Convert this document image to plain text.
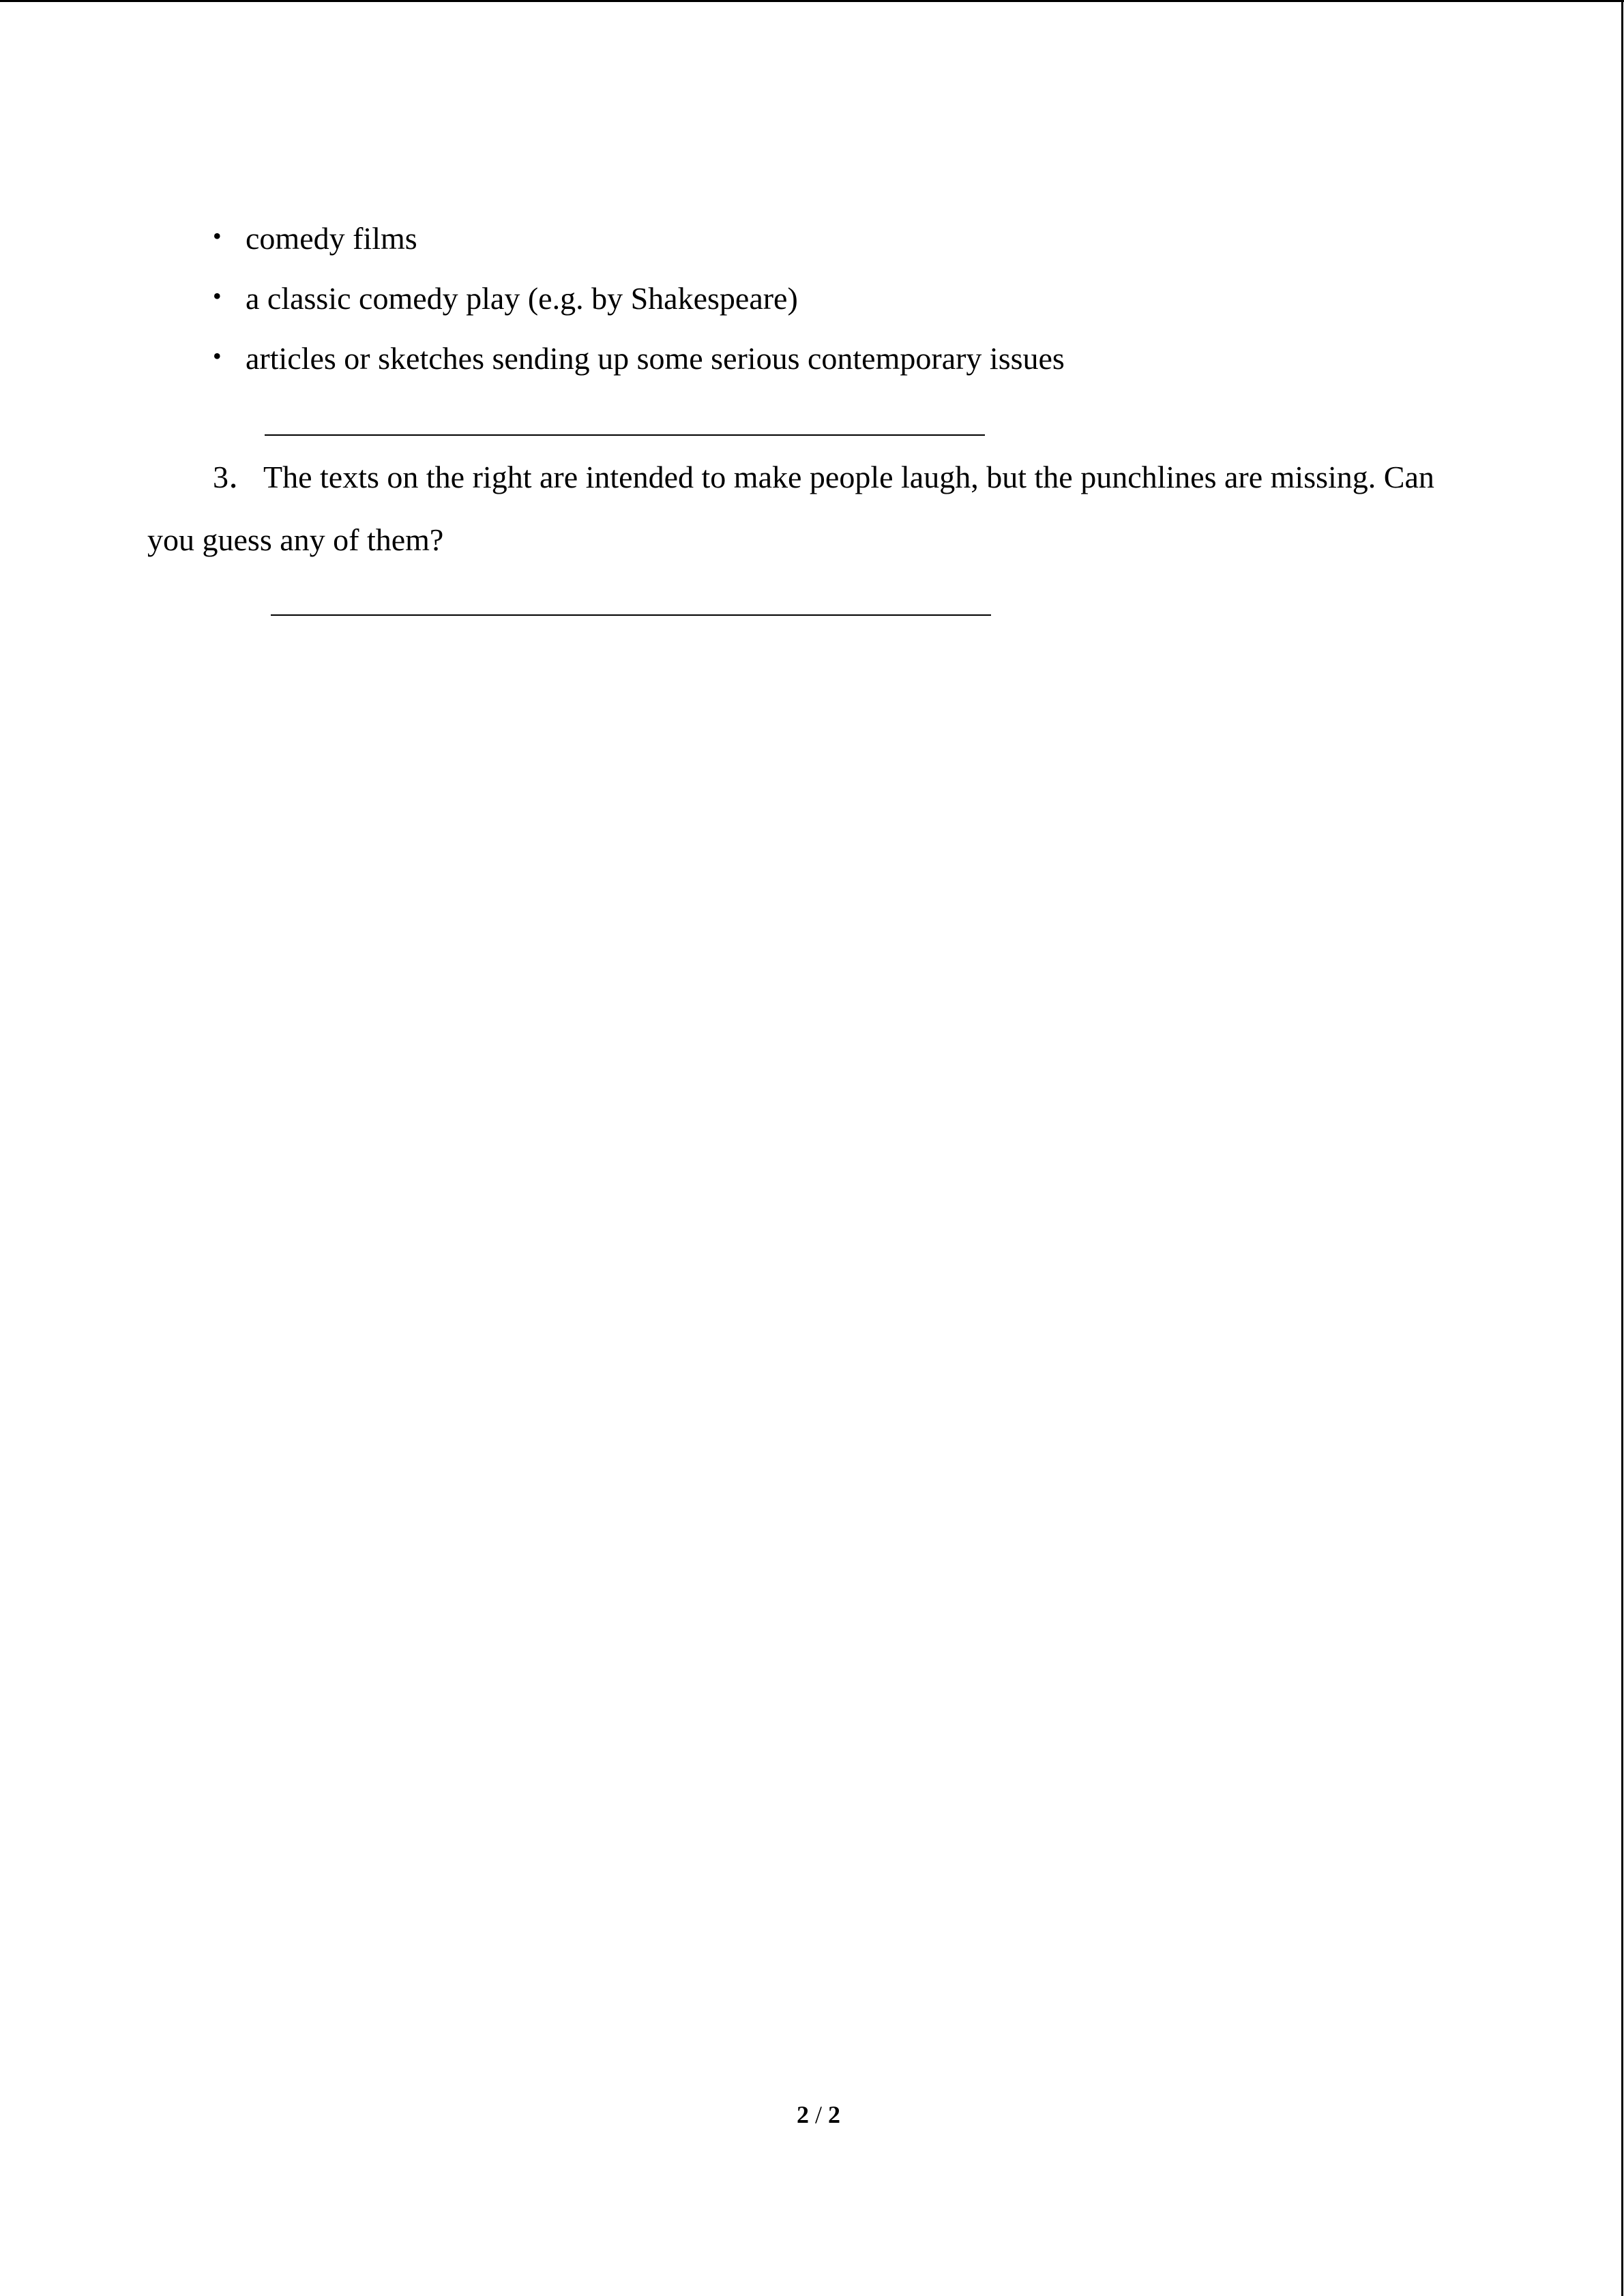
• comedy films
• a classic comedy play (e.g. by Shakespeare)
• articles or sketches sending up some serious contemporary issues

3． The texts on the right are intended to make people laugh, but the punchlines are missing. Can
you guess any of them?

2 / 2
